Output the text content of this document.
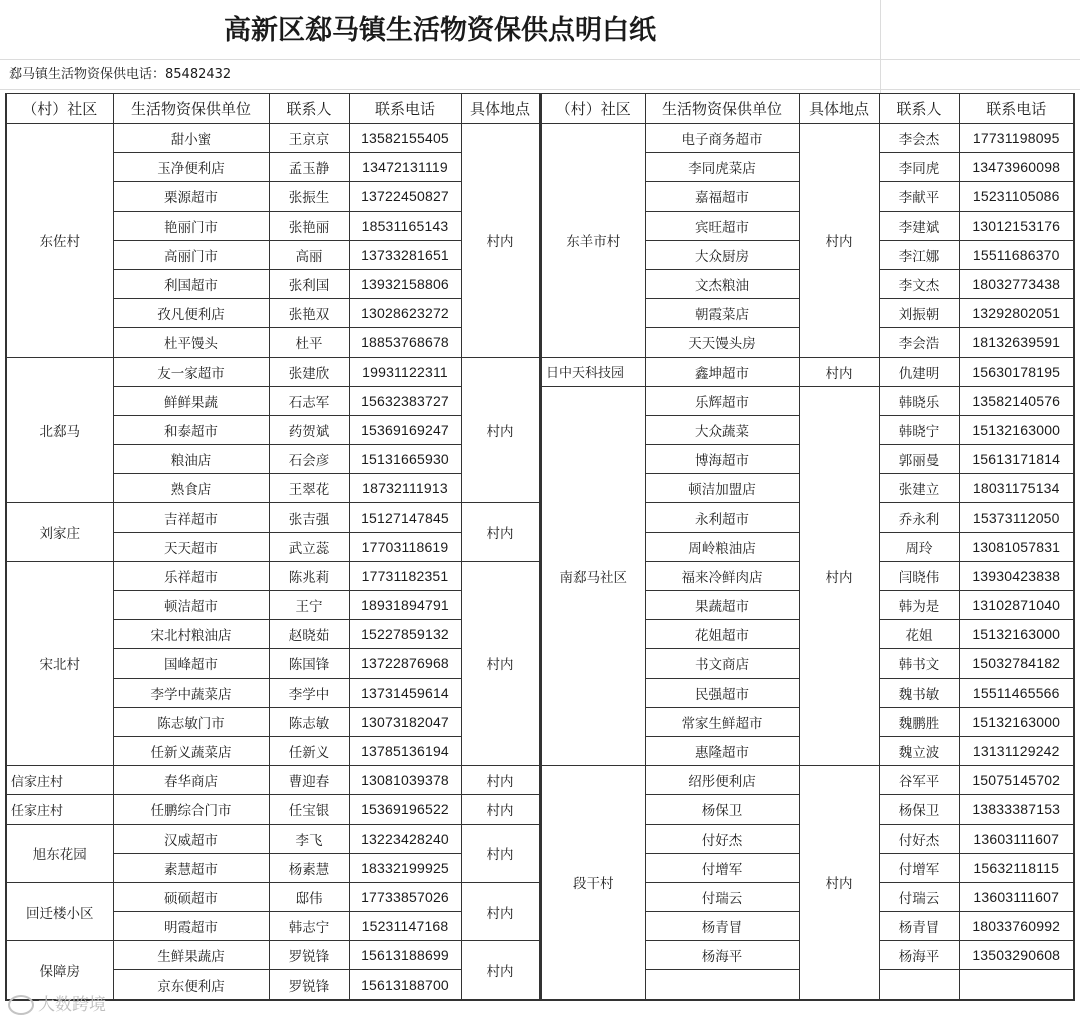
高新区郄马镇生活物资保供点明白纸
郄马镇生活物资保供电话：85482432
（村）社区	生活物资保供单位	联系人	联系电话	具体地点
东佐村	甜小蜜	王京京	13582155405	村内
	玉净便利店	孟玉静	13472131119	
	栗源超市	张振生	13722450827	
	艳丽门市	张艳丽	18531165143	
	高丽门市	高丽	13733281651	
	利国超市	张利国	13932158806	
	孜凡便利店	张艳双	13028623272	
	杜平馒头	杜平	18853768678	
北郄马	友一家超市	张建欣	19931122311	村内
	鲜鲜果蔬	石志军	15632383727	
	和泰超市	药贺斌	15369169247	
	粮油店	石会彦	15131665930	
	熟食店	王翠花	18732111913	
刘家庄	吉祥超市	张吉强	15127147845	村内
	天天超市	武立蕊	17703118619	
宋北村	乐祥超市	陈兆莉	17731182351	村内
	顿洁超市	王宁	18931894791	
	宋北村粮油店	赵晓茹	15227859132	
	国峰超市	陈国锋	13722876968	
	李学中蔬菜店	李学中	13731459614	
	陈志敏门市	陈志敏	13073182047	
	任新义蔬菜店	任新义	13785136194	
信家庄村	春华商店	曹迎春	13081039378	村内
任家庄村	任鹏综合门市	任宝银	15369196522	村内
旭东花园	汉威超市	李飞	13223428240	村内
	素慧超市	杨素慧	18332199925	
回迁楼小区	硕硕超市	邸伟	17733857026	村内
	明霞超市	韩志宁	15231147168	
保障房	生鲜果蔬店	罗锐锋	15613188699	村内
	京东便利店	罗锐锋	15613188700	
（村）社区	生活物资保供单位	具体地点	联系人	联系电话
东羊市村	电子商务超市	村内	李会杰	17731198095
	李同虎菜店		李同虎	13473960098
	嘉福超市		李献平	15231105086
	宾旺超市		李建斌	13012153176
	大众厨房		李江娜	15511686370
	文杰粮油		李文杰	18032773438
	朝霞菜店		刘振朝	13292802051
	天天馒头房		李会浩	18132639591
日中天科技园	鑫坤超市	村内	仇建明	15630178195
南郄马社区	乐辉超市	村内	韩晓乐	13582140576
	大众蔬菜		韩晓宁	15132163000
	博海超市		郭丽曼	15613171814
	顿洁加盟店		张建立	18031175134
	永利超市		乔永利	15373112050
	周岭粮油店		周玲	13081057831
	福来冷鲜肉店		闫晓伟	13930423838
	果蔬超市		韩为是	13102871040
	花姐超市		花姐	15132163000
	书文商店		韩书文	15032784182
	民强超市		魏书敏	15511465566
	常家生鲜超市		魏鹏胜	15132163000
	惠隆超市		魏立波	13131129242
段干村	绍彤便利店	村内	谷军平	15075145702
	杨保卫		杨保卫	13833387153
	付好杰		付好杰	13603111607
	付增军		付增军	15632118115
	付瑞云		付瑞云	13603111607
	杨青冒		杨青冒	18033760992
	杨海平		杨海平	13503290608

大数跨境
